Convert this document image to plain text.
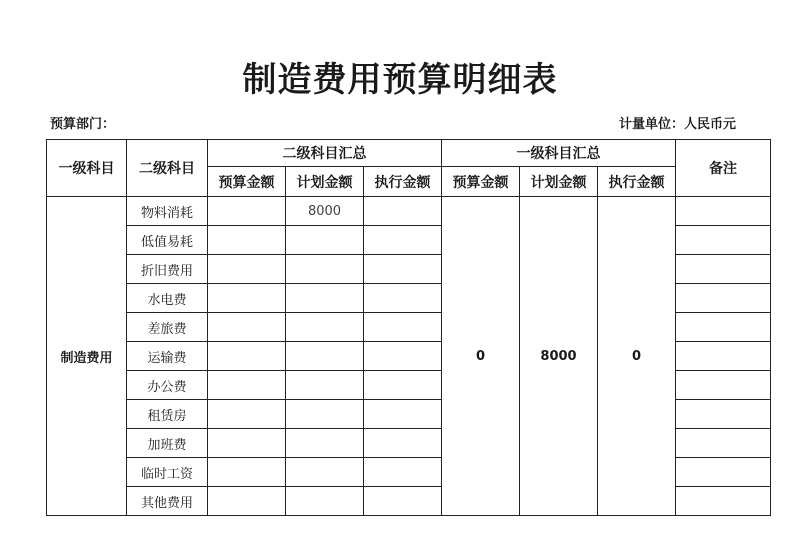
制造费用预算明细表
预算部门：	计量单位：人民币元
一级科目	二级科目	二级科目汇总			一级科目汇总			备注
		预算金额	计划金额	执行金额	预算金额	计划金额	执行金额	
制造费用	物料消耗		8000		0	8000	0	
	低值易耗							
	折旧费用							
	水电费							
	差旅费							
	运输费							
	办公费							
	租赁房							
	加班费							
	临时工资							
	其他费用							
